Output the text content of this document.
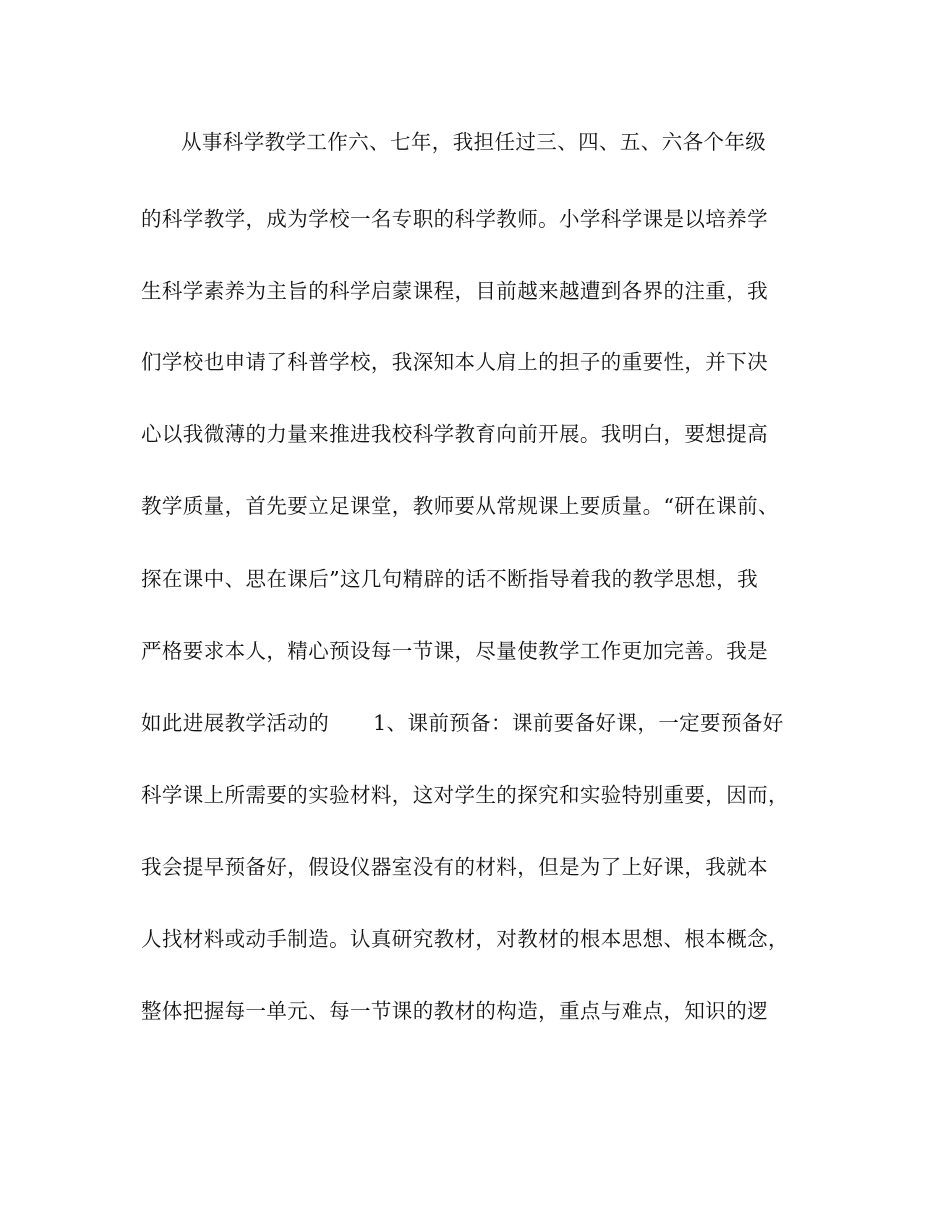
从事科学教学工作六、七年，我担任过三、四、五、六各个年级
的科学教学，成为学校一名专职的科学教师。小学科学课是以培养学
生科学素养为主旨的科学启蒙课程，目前越来越遭到各界的注重，我
们学校也申请了科普学校，我深知本人肩上的担子的重要性，并下决
心以我微薄的力量来推进我校科学教育向前开展。我明白，要想提高
教学质量，首先要立足课堂，教师要从常规课上要质量。“研在课前、
探在课中、思在课后”这几句精辟的话不断指导着我的教学思想，我
严格要求本人，精心预设每一节课，尽量使教学工作更加完善。我是
如此进展教学活动的 1、课前预备：课前要备好课，一定要预备好
科学课上所需要的实验材料，这对学生的探究和实验特别重要，因而，
我会提早预备好，假设仪器室没有的材料，但是为了上好课，我就本
人找材料或动手制造。认真研究教材，对教材的根本思想、根本概念，
整体把握每一单元、每一节课的教材的构造，重点与难点，知识的逻
